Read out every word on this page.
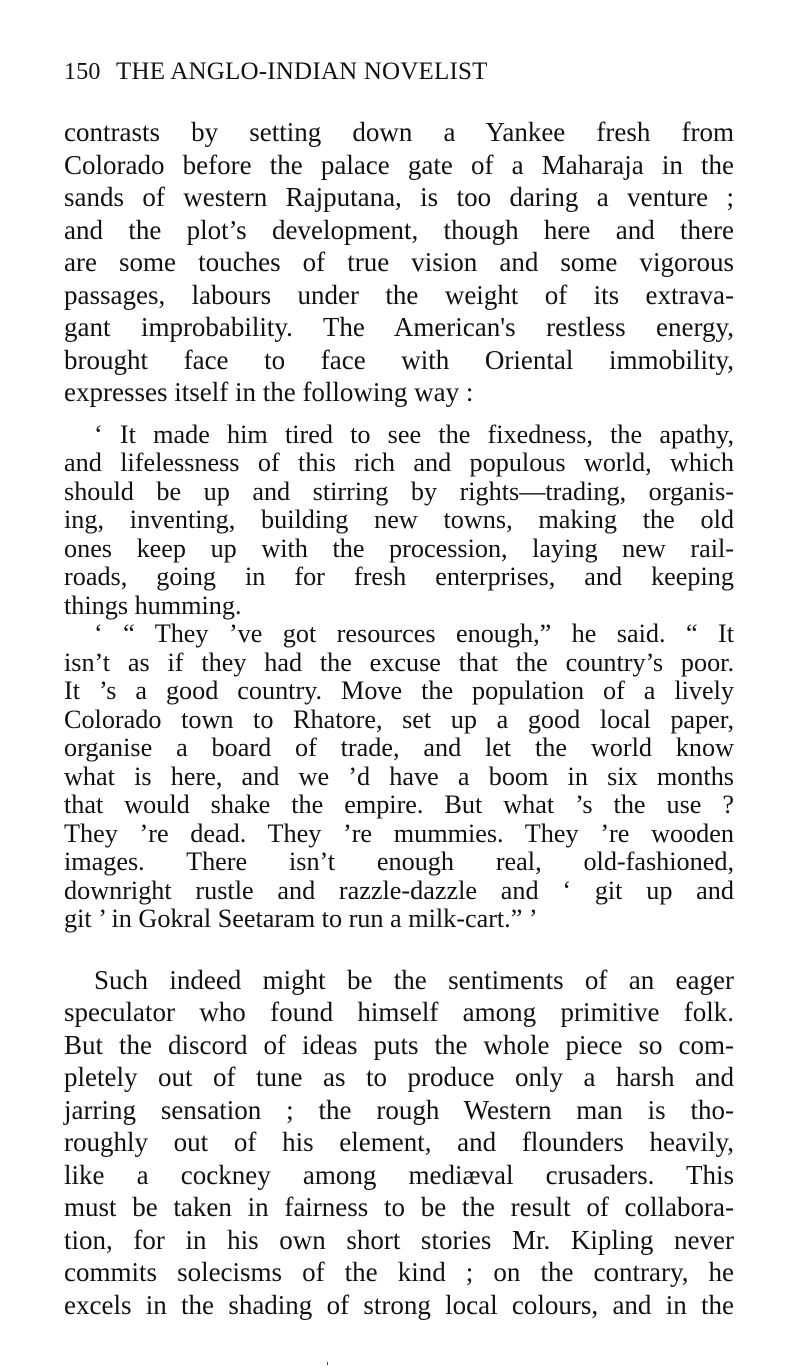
150 THE ANGLO-INDIAN NOVELIST
contrasts by setting down a Yankee fresh from
Colorado before the palace gate of a Maharaja in the
sands of western Rajputana, is too daring a venture ;
and the plot’s development, though here and there
are some touches of true vision and some vigorous
passages, labours under the weight of its extrava-
gant improbability. The American's restless energy,
brought face to face with Oriental immobility,
expresses itself in the following way :
‘ It made him tired to see the fixedness, the apathy,
and lifelessness of this rich and populous world, which
should be up and stirring by rights—trading, organis-
ing, inventing, building new towns, making the old
ones keep up with the procession, laying new rail-
roads, going in for fresh enterprises, and keeping
things humming.
‘ “ They ’ve got resources enough,” he said. “ It
isn’t as if they had the excuse that the country’s poor.
It ’s a good country. Move the population of a lively
Colorado town to Rhatore, set up a good local paper,
organise a board of trade, and let the world know
what is here, and we ’d have a boom in six months
that would shake the empire. But what ’s the use ?
They ’re dead. They ’re mummies. They ’re wooden
images. There isn’t enough real, old-fashioned,
downright rustle and razzle-dazzle and ‘ git up and
git ’ in Gokral Seetaram to run a milk-cart.” ’
Such indeed might be the sentiments of an eager
speculator who found himself among primitive folk.
But the discord of ideas puts the whole piece so com-
pletely out of tune as to produce only a harsh and
jarring sensation ; the rough Western man is tho-
roughly out of his element, and flounders heavily,
like a cockney among mediæval crusaders. This
must be taken in fairness to be the result of collabora-
tion, for in his own short stories Mr. Kipling never
commits solecisms of the kind ; on the contrary, he
excels in the shading of strong local colours, and in the
